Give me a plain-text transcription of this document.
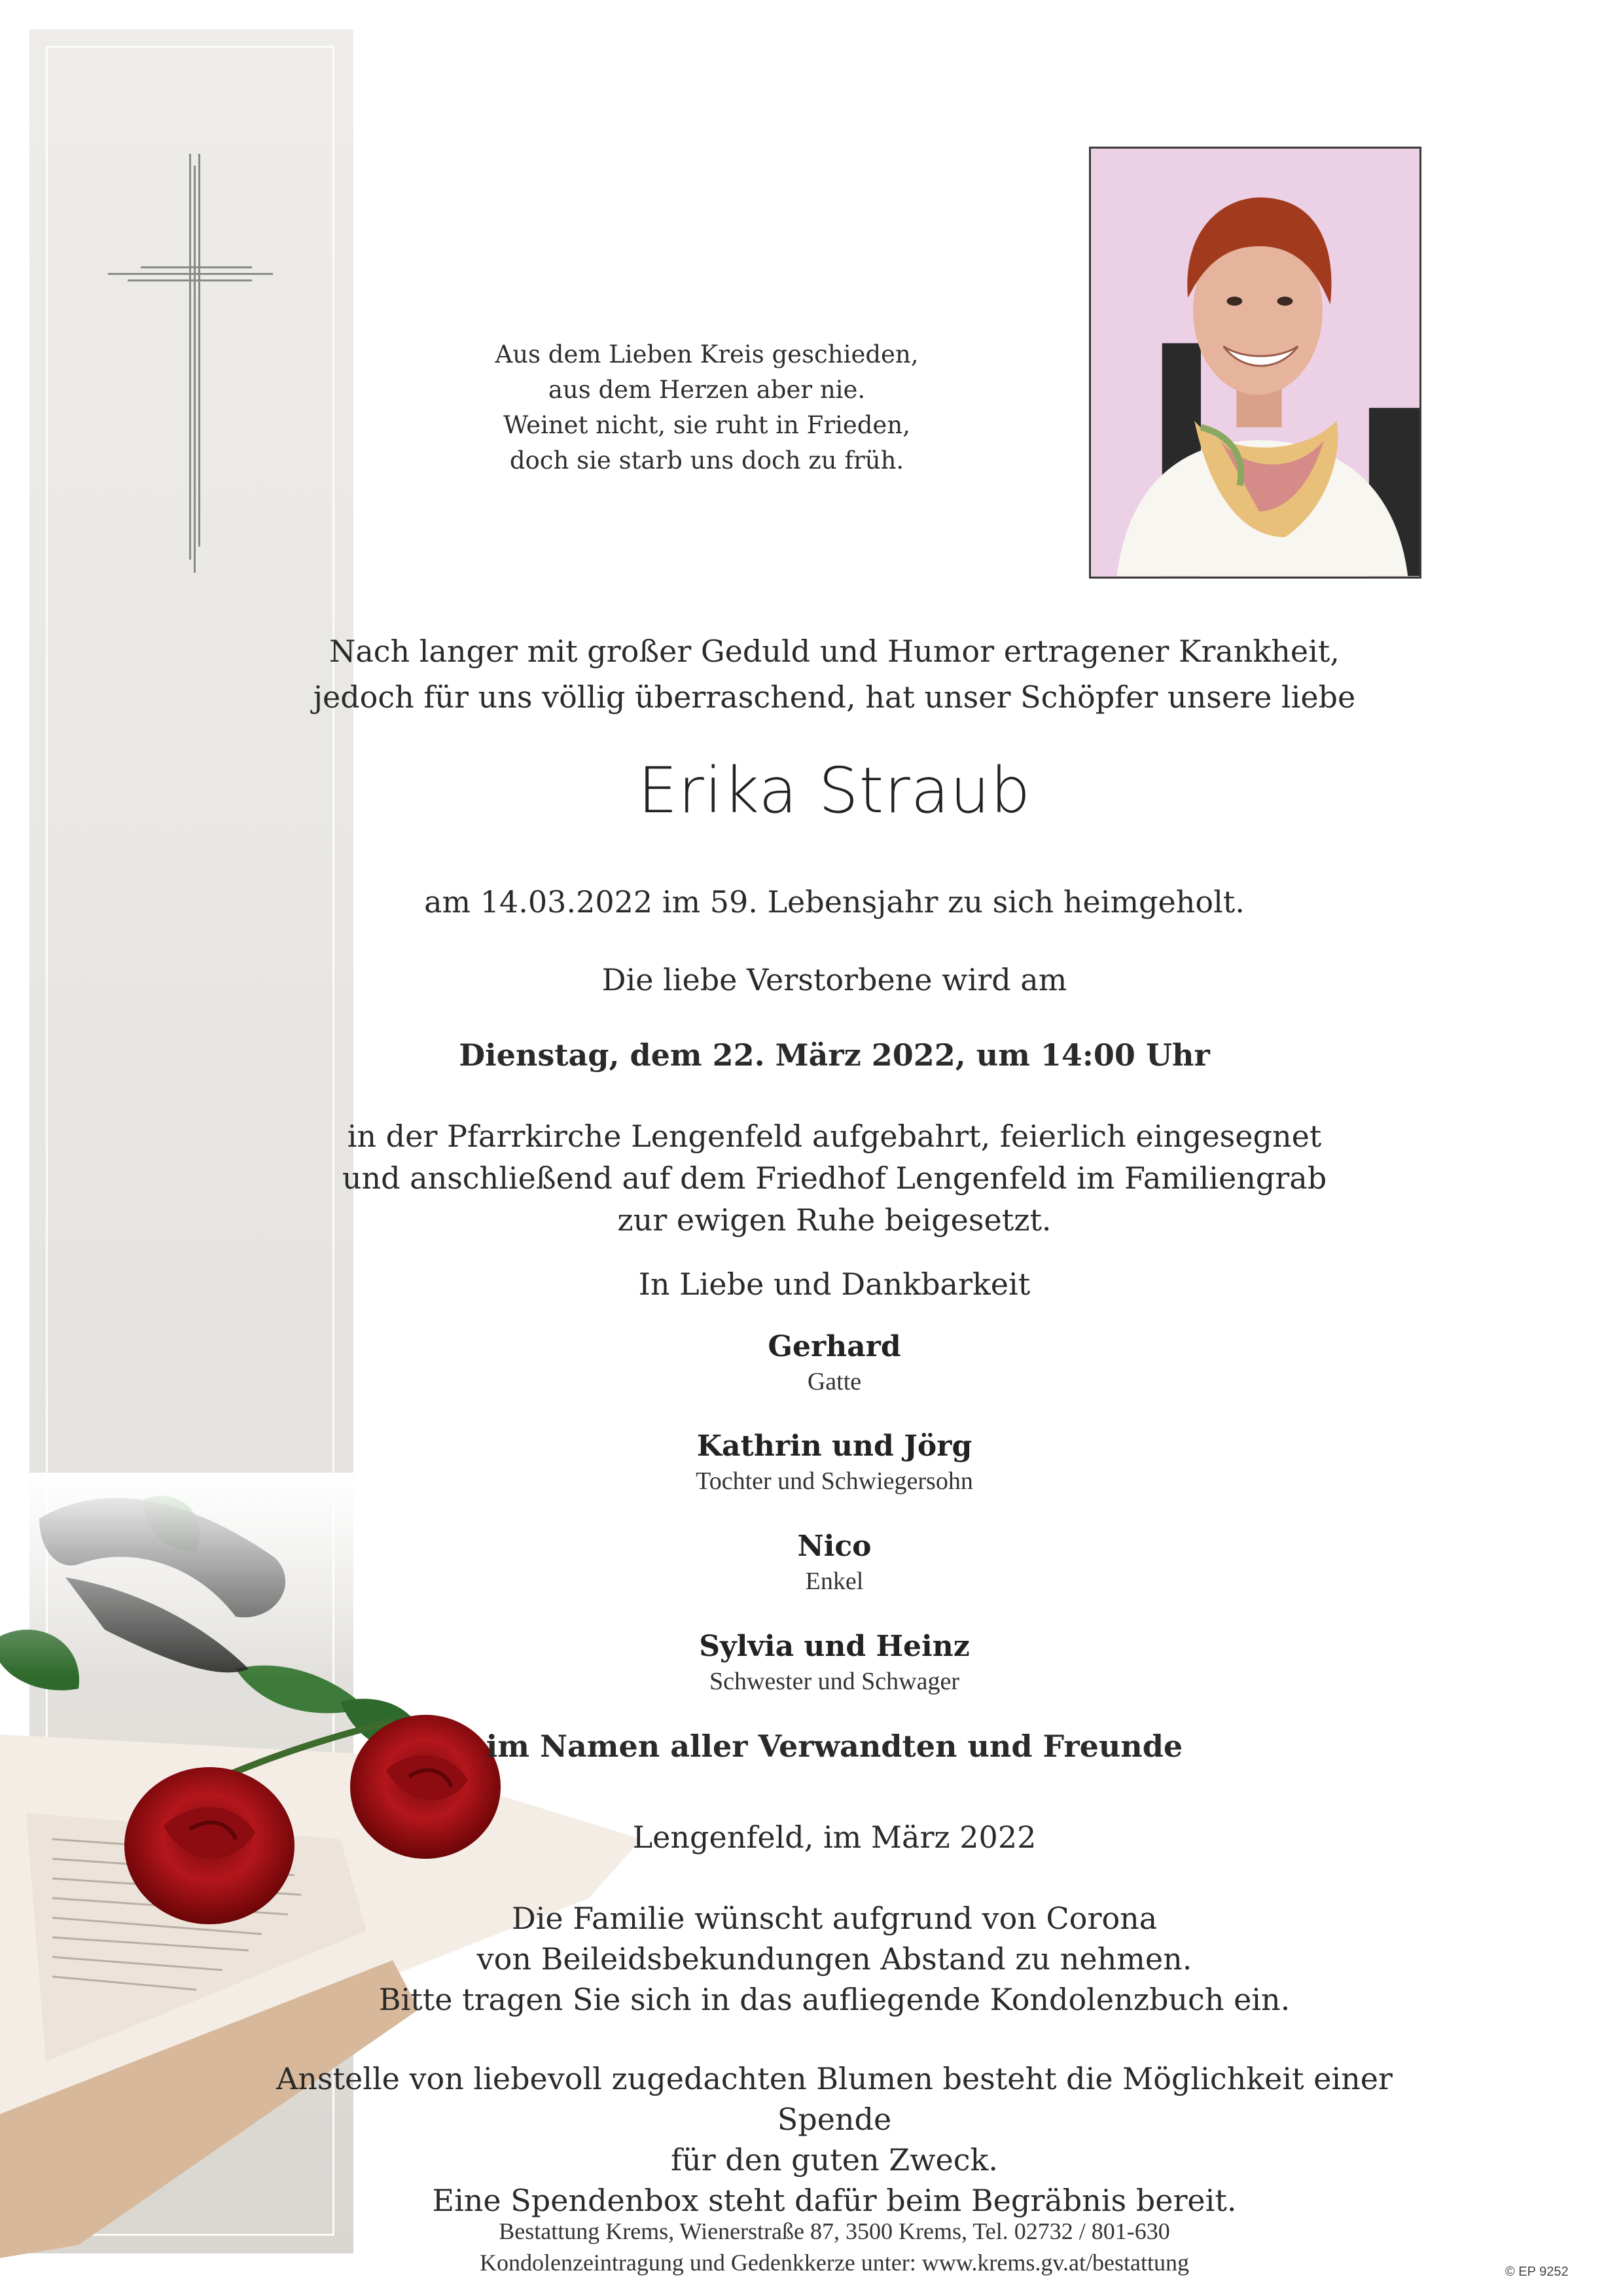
Aus dem Lieben Kreis geschieden,
aus dem Herzen aber nie.
Weinet nicht, sie ruht in Frieden,
doch sie starb uns doch zu früh.
Nach langer mit großer Geduld und Humor ertragener Krankheit,
jedoch für uns völlig überraschend, hat unser Schöpfer unsere liebe
Erika Straub
am 14.03.2022 im 59. Lebensjahr zu sich heimgeholt.
Die liebe Verstorbene wird am
Dienstag, dem 22. März 2022, um 14:00 Uhr
in der Pfarrkirche Lengenfeld aufgebahrt, feierlich eingesegnet
und anschließend auf dem Friedhof Lengenfeld im Familiengrab
zur ewigen Ruhe beigesetzt.
In Liebe und Dankbarkeit
Gerhard
Gatte
Kathrin und Jörg
Tochter und Schwiegersohn
Nico
Enkel
Sylvia und Heinz
Schwester und Schwager
im Namen aller Verwandten und Freunde
Lengenfeld, im März 2022
Die Familie wünscht aufgrund von Corona
von Beileidsbekundungen Abstand zu nehmen.
Bitte tragen Sie sich in das aufliegende Kondolenzbuch ein.
Anstelle von liebevoll zugedachten Blumen besteht die Möglichkeit einer Spende
für den guten Zweck.
Eine Spendenbox steht dafür beim Begräbnis bereit.
Bestattung Krems, Wienerstraße 87, 3500 Krems, Tel. 02732 / 801-630
Kondolenzeintragung und Gedenkkerze unter: www.krems.gv.at/bestattung	© EP 9252
